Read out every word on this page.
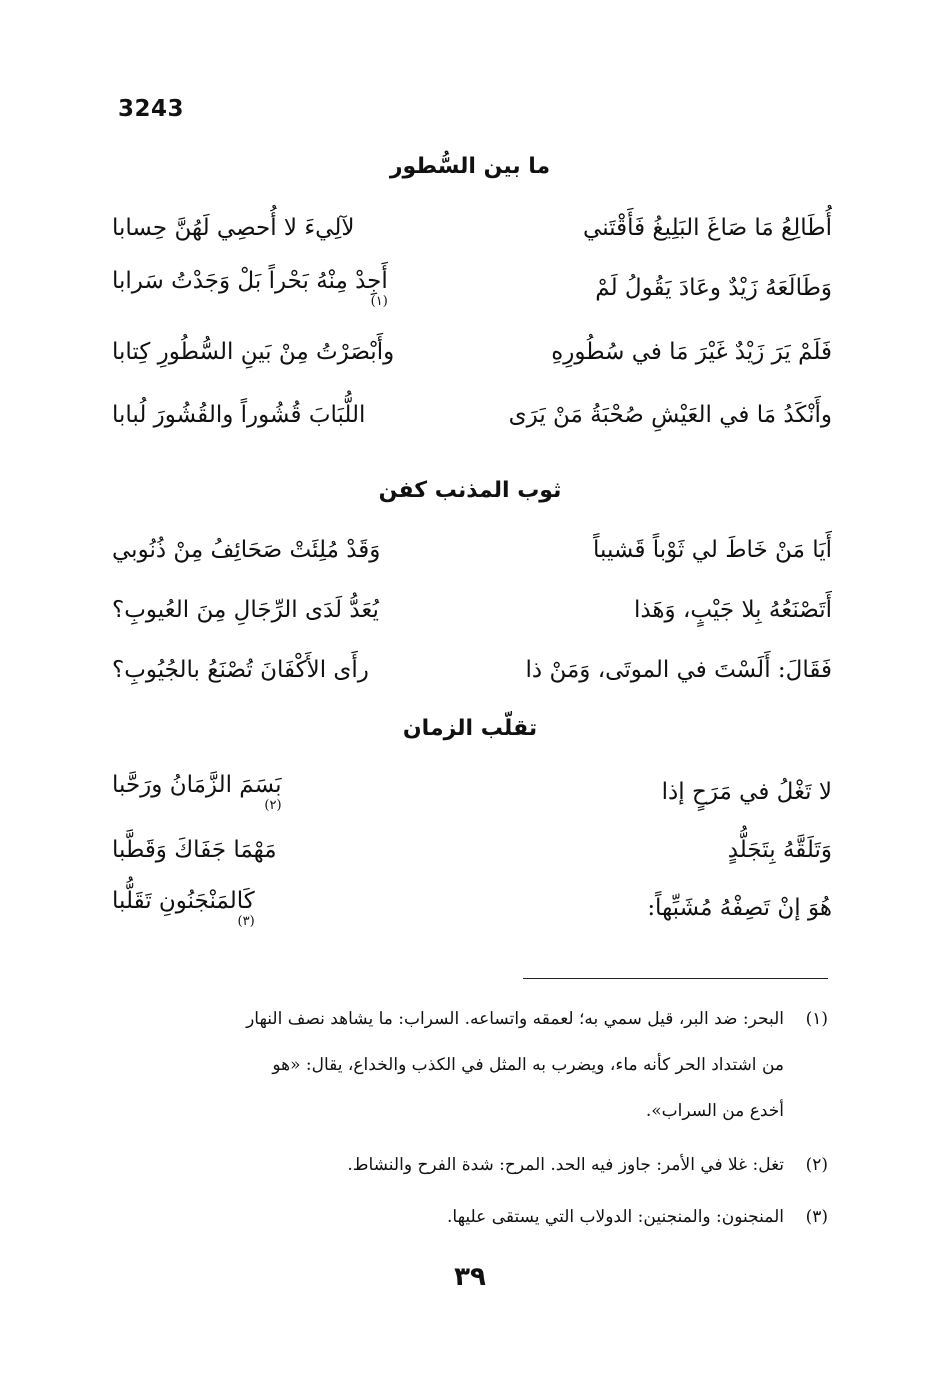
3243
ما بين السُّطور
أُطَالِعُ مَا صَاغَ البَلِيغُ فَأَقْتَني
لآلِيءَ لا أُحصِي لَهُنَّ حِسابا
وَطَالَعَهُ زَيْدٌ وعَادَ يَقُولُ لَمْ
أَجِدْ مِنْهُ بَحْراً بَلْ وَجَدْتُ سَرابا
(١)
فَلَمْ يَرَ زَيْدٌ غَيْرَ مَا في سُطُورِهِ
وأَبْصَرْتُ مِنْ بَينِ السُّطُورِ كِتابا
وأَنْكَدُ مَا في العَيْشِ صُحْبَةُ مَنْ يَرَى
اللُّبَابَ قُشُوراً والقُشُورَ لُبابا
ثوب المذنب كفن
أَيَا مَنْ خَاطَ لي ثَوْباً قَشيباً
وَقَدْ مُلِئَتْ صَحَائِفُ مِنْ ذُنُوبي
أَتَصْنَعُهُ بِلا جَيْبٍ، وَهَذا
يُعَدُّ لَدَى الرِّجَالِ مِنَ العُيوبِ؟
فَقَالَ: أَلَسْتَ في الموتَى، وَمَنْ ذا
رأَى الأَكْفَانَ تُصْنَعُ بالجُيُوبِ؟
تقلّب الزمان
لا تَغْلُ في مَرَحٍ إذا
بَسَمَ الزَّمَانُ ورَحَّبا
(٢)
وَتَلَقَّهُ بِتَجَلُّدٍ
مَهْمَا جَفَاكَ وَقَطَّبا
هُوَ إنْ تَصِفْهُ مُشَبِّهاً:
كَالمَنْجَنُونِ تَقَلُّبا
(٣)
(١)البحر: ضد البر، قيل سمي به؛ لعمقه واتساعه. السراب: ما يشاهد نصف النهار
من اشتداد الحر كأنه ماء، ويضرب به المثل في الكذب والخداع، يقال: «هو
أخدع من السراب».
(٢)تغل: غلا في الأمر: جاوز فيه الحد. المرح: شدة الفرح والنشاط.
(٣)المنجنون: والمنجنين: الدولاب التي يستقى عليها.
٣٩
